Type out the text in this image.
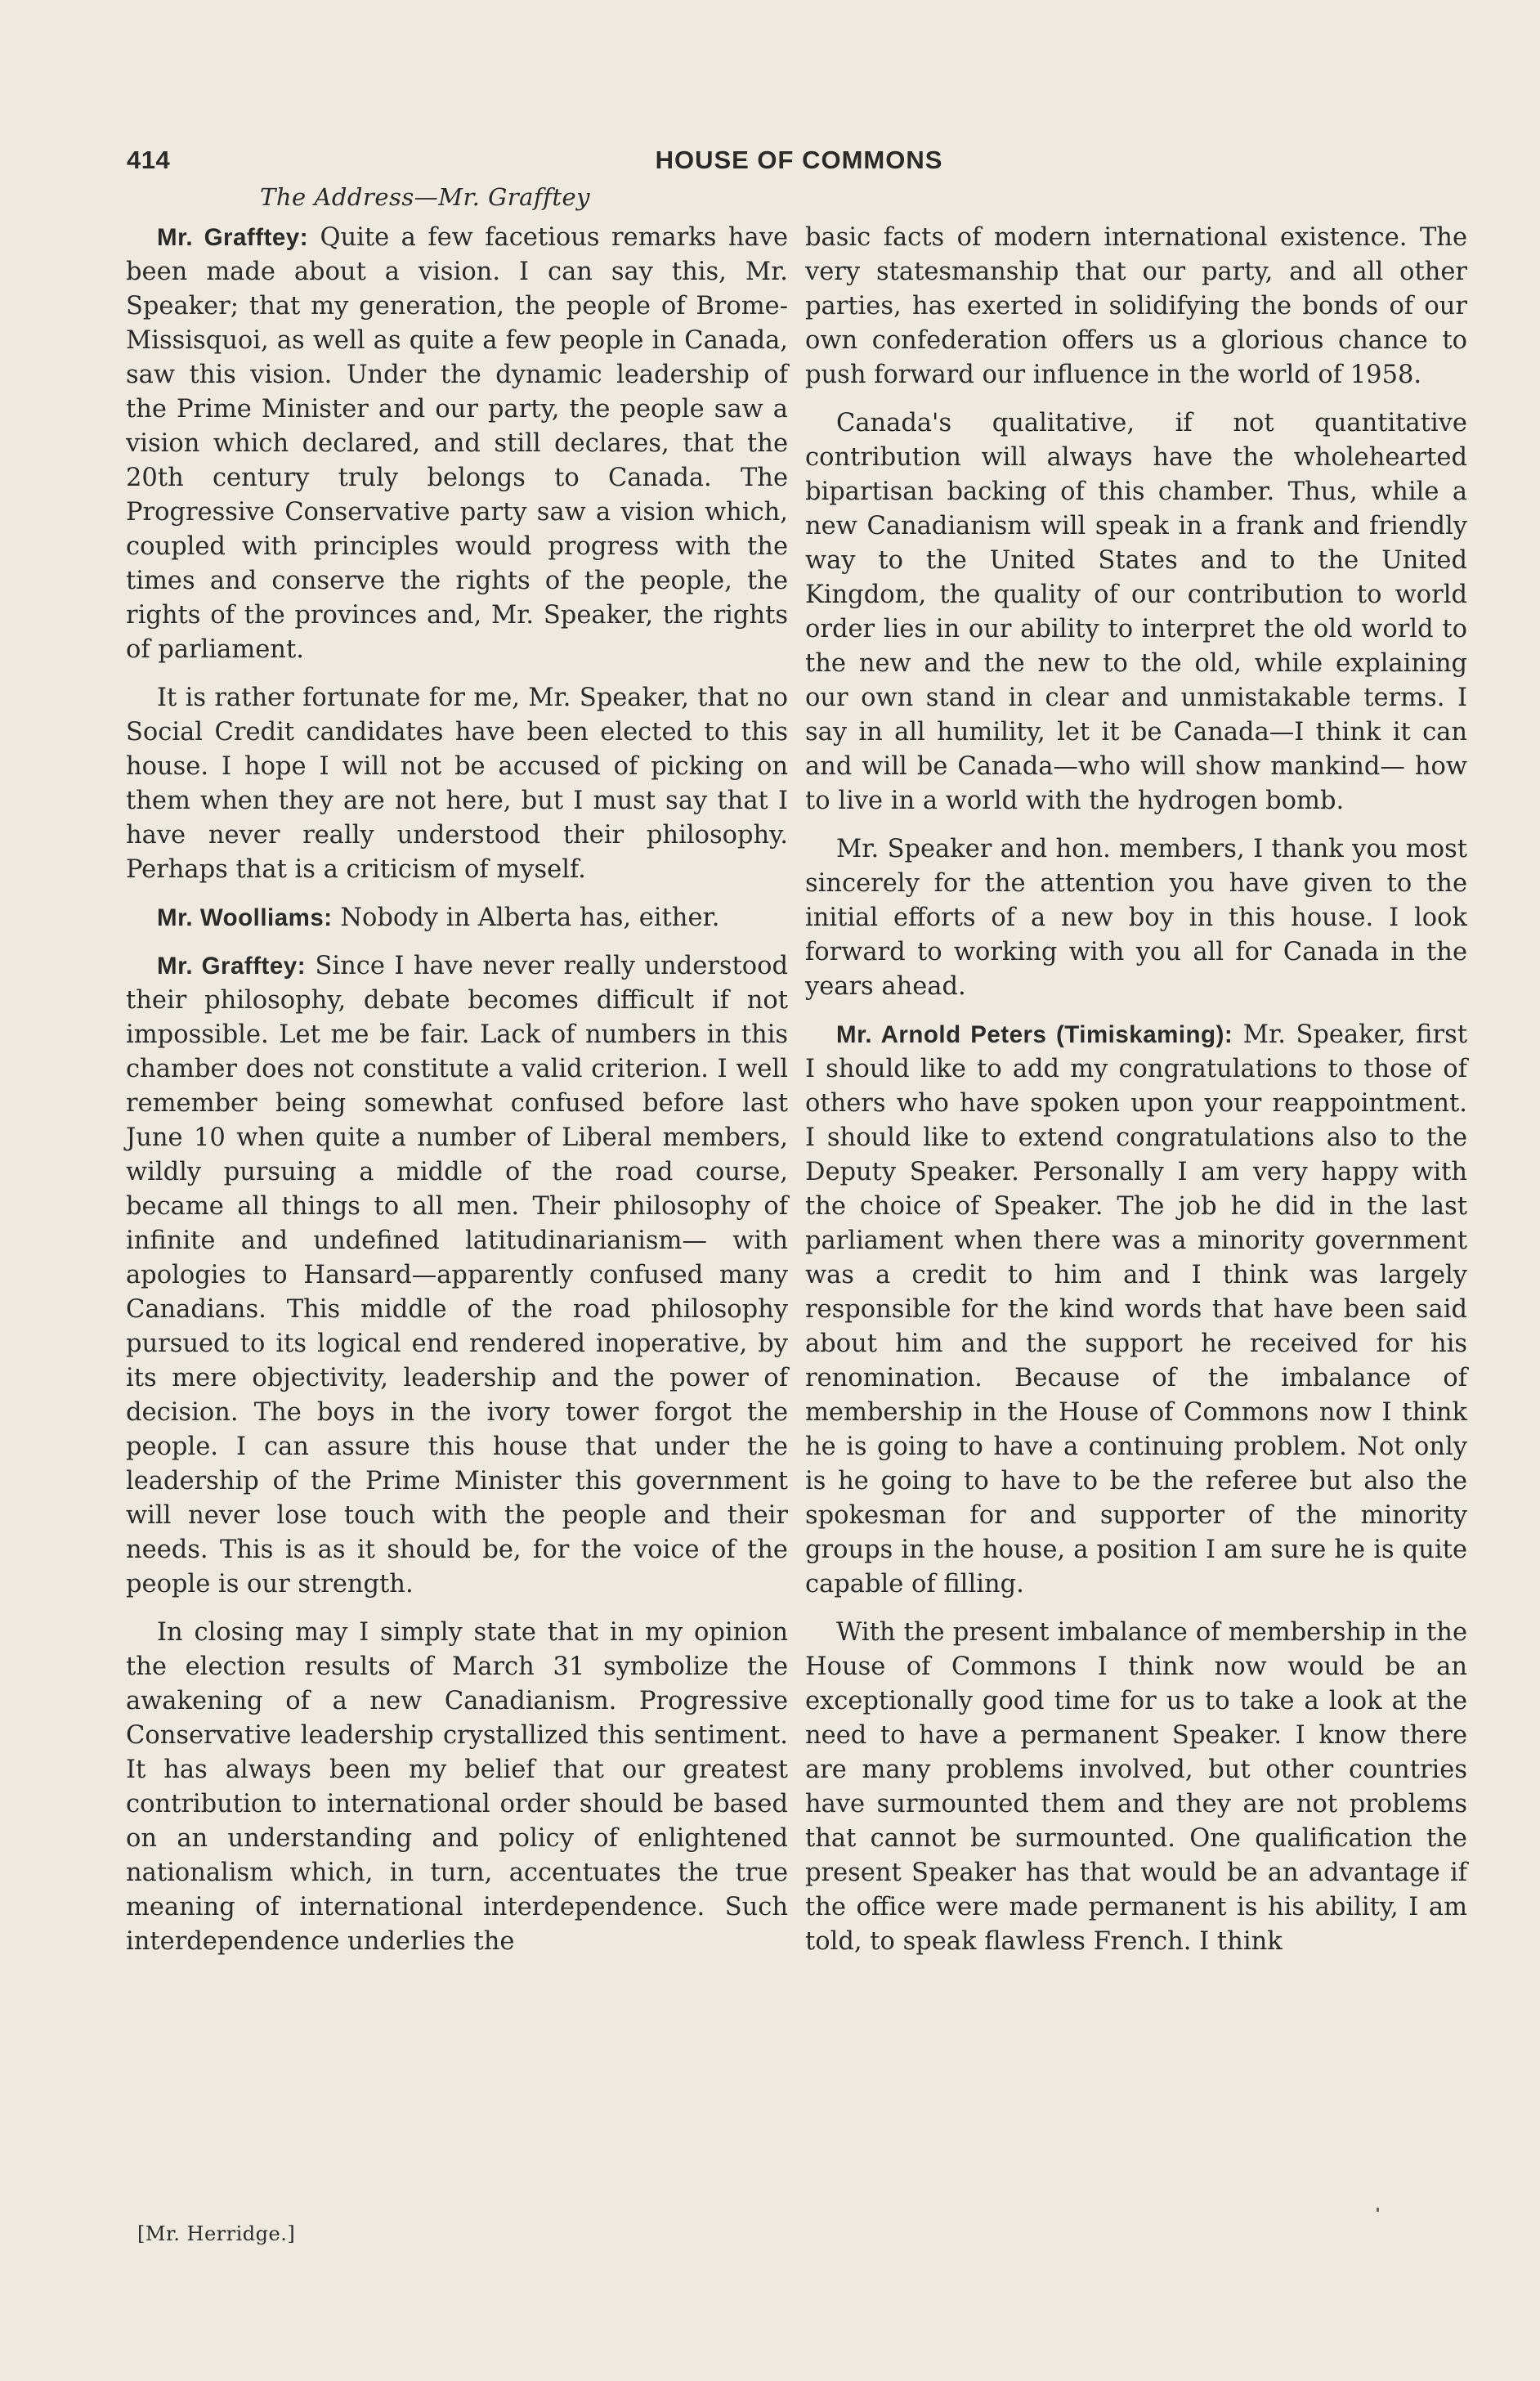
414	HOUSE OF COMMONS
The Address—Mr. Grafftey

Mr. Grafftey: Quite a few facetious remarks have been made about a vision. I can say this, Mr. Speaker; that my generation, the people of Brome-Missisquoi, as well as quite a few people in Canada, saw this vision. Under the dynamic leadership of the Prime Minister and our party, the people saw a vision which declared, and still declares, that the 20th century truly belongs to Canada. The Progressive Conservative party saw a vision which, coupled with principles would progress with the times and conserve the rights of the people, the rights of the provinces and, Mr. Speaker, the rights of parliament.

It is rather fortunate for me, Mr. Speaker, that no Social Credit candidates have been elected to this house. I hope I will not be accused of picking on them when they are not here, but I must say that I have never really understood their philosophy. Perhaps that is a criticism of myself.

Mr. Woolliams: Nobody in Alberta has, either.

Mr. Grafftey: Since I have never really understood their philosophy, debate becomes difficult if not impossible. Let me be fair. Lack of numbers in this chamber does not constitute a valid criterion. I well remember being somewhat confused before last June 10 when quite a number of Liberal members, wildly pursuing a middle of the road course, became all things to all men. Their philosophy of infinite and undefined latitudinarianism— with apologies to Hansard—apparently confused many Canadians. This middle of the road philosophy pursued to its logical end rendered inoperative, by its mere objectivity, leadership and the power of decision. The boys in the ivory tower forgot the people. I can assure this house that under the leadership of the Prime Minister this government will never lose touch with the people and their needs. This is as it should be, for the voice of the people is our strength.

In closing may I simply state that in my opinion the election results of March 31 symbolize the awakening of a new Canadianism. Progressive Conservative leadership crystallized this sentiment. It has always been my belief that our greatest contribution to international order should be based on an understanding and policy of enlightened nationalism which, in turn, accentuates the true meaning of international interdependence. Such interdependence underlies the

basic facts of modern international existence. The very statesmanship that our party, and all other parties, has exerted in solidifying the bonds of our own confederation offers us a glorious chance to push forward our influence in the world of 1958.

Canada's qualitative, if not quantitative contribution will always have the wholehearted bipartisan backing of this chamber. Thus, while a new Canadianism will speak in a frank and friendly way to the United States and to the United Kingdom, the quality of our contribution to world order lies in our ability to interpret the old world to the new and the new to the old, while explaining our own stand in clear and unmistakable terms. I say in all humility, let it be Canada—I think it can and will be Canada—who will show mankind— how to live in a world with the hydrogen bomb.

Mr. Speaker and hon. members, I thank you most sincerely for the attention you have given to the initial efforts of a new boy in this house. I look forward to working with you all for Canada in the years ahead.

Mr. Arnold Peters (Timiskaming): Mr. Speaker, first I should like to add my congratulations to those of others who have spoken upon your reappointment. I should like to extend congratulations also to the Deputy Speaker. Personally I am very happy with the choice of Speaker. The job he did in the last parliament when there was a minority government was a credit to him and I think was largely responsible for the kind words that have been said about him and the support he received for his renomination. Because of the imbalance of membership in the House of Commons now I think he is going to have a continuing problem. Not only is he going to have to be the referee but also the spokesman for and supporter of the minority groups in the house, a position I am sure he is quite capable of filling.

With the present imbalance of membership in the House of Commons I think now would be an exceptionally good time for us to take a look at the need to have a permanent Speaker. I know there are many problems involved, but other countries have surmounted them and they are not problems that cannot be surmounted. One qualification the present Speaker has that would be an advantage if the office were made permanent is his ability, I am told, to speak flawless French. I think

[Mr. Herridge.]
